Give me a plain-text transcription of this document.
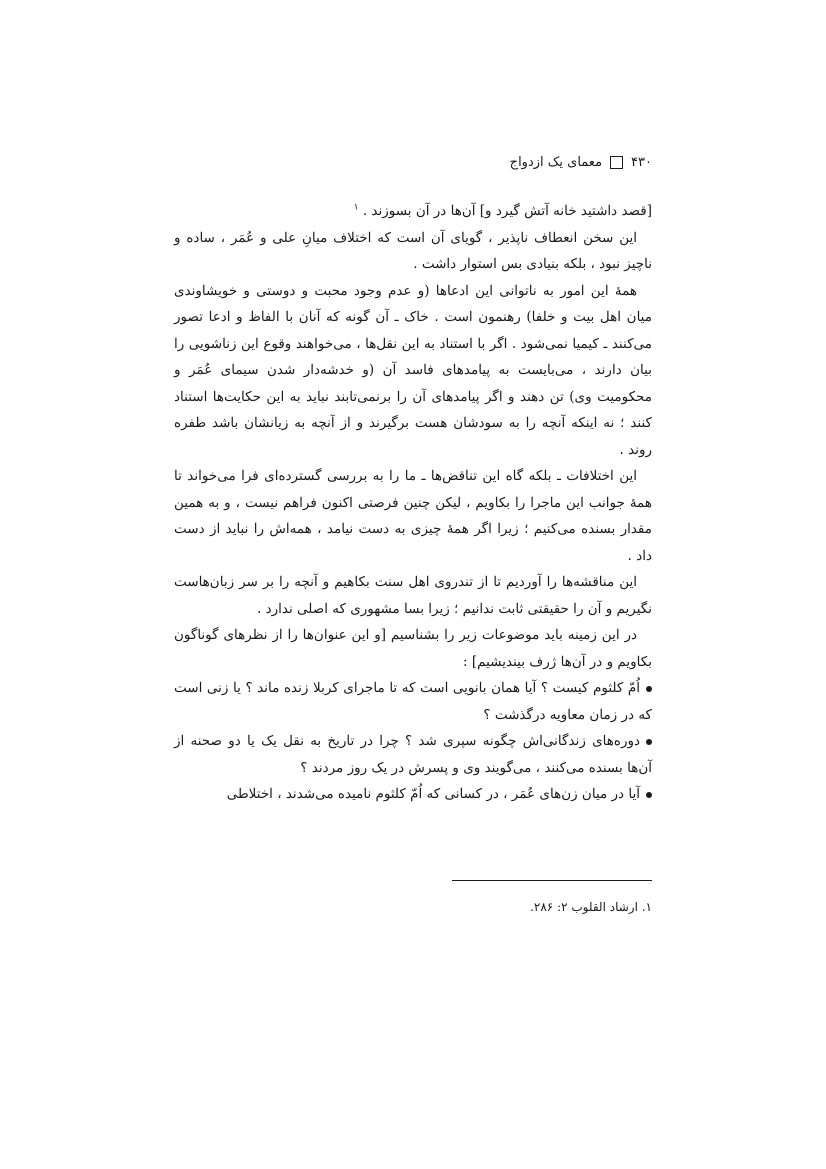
۴۳۰
معمای یک ازدواج

[قصد داشتید خانه آتش گیرد و] آن‌ها در آن بسوزند . $^۱$

این سخن انعطاف ناپذیر ، گویای آن است که اختلاف میانِ علی و عُمَر ، ساده و ناچیز نبود ، بلکه بنیادی بس استوار داشت .

همهٔ این امور به ناتوانی این ادعاها (و عدم وجود محبت و دوستی و خویشاوندی میان اهل بیت و خلفا) رهنمون است . خاک ـ آن گونه که آنان با الفاظ و ادعا تصور می‌کنند ـ کیمیا نمی‌شود . اگر با استناد به این نقل‌ها ، می‌خواهند وقوع این زناشویی را بیان دارند ، می‌بایست به پیامدهای فاسد آن (و خدشه‌دار شدن سیمای عُمَر و محکومیت وی) تن دهند و اگر پیامدهای آن را برنمی‌تابند نباید به این حکایت‌ها استناد کنند ؛ نه اینکه آنچه را به سودشان هست برگیرند و از آنچه به زیانشان باشد طفره روند .

این اختلافات ـ بلکه گاه این تناقض‌ها ـ ما را به بررسی گسترده‌ای فرا می‌خواند تا همهٔ جوانب این ماجرا را بکاویم ، لیکن چنین فرصتی اکنون فراهم نیست ، و به همین مقدار بسنده می‌کنیم ؛ زیرا اگر همهٔ چیزی به دست نیامد ، همه‌اش را نباید از دست داد .

این مناقشه‌ها را آوردیم تا از تندروی اهل سنت بکاهیم و آنچه را بر سر زبان‌هاست نگیریم و آن را حقیقتی ثابت ندانیم ؛ زیرا بسا مشهوری که اصلی ندارد .

در این زمینه باید موضوعات زیر را بشناسیم [و این عنوان‌ها را از نظرهای گوناگون بکاویم و در آن‌ها ژرف بیندیشیم] :

اُمّ کلثوم کیست ؟ آیا همان بانویی است که تا ماجرای کربلا زنده ماند ؟ یا زنی است که در زمان معاویه درگذشت ؟

دوره‌های زندگانی‌اش چگونه سپری شد ؟ چرا در تاریخ به نقل یک یا دو صحنه از آن‌ها بسنده می‌کنند ، می‌گویند وی و پسرش در یک روز مردند ؟

آیا در میان زن‌های عُمَر ، در کسانی که اُمّ کلثوم نامیده می‌شدند ، اختلاطی

۱. ارشاد القلوب ۲: ۲۸۶.
